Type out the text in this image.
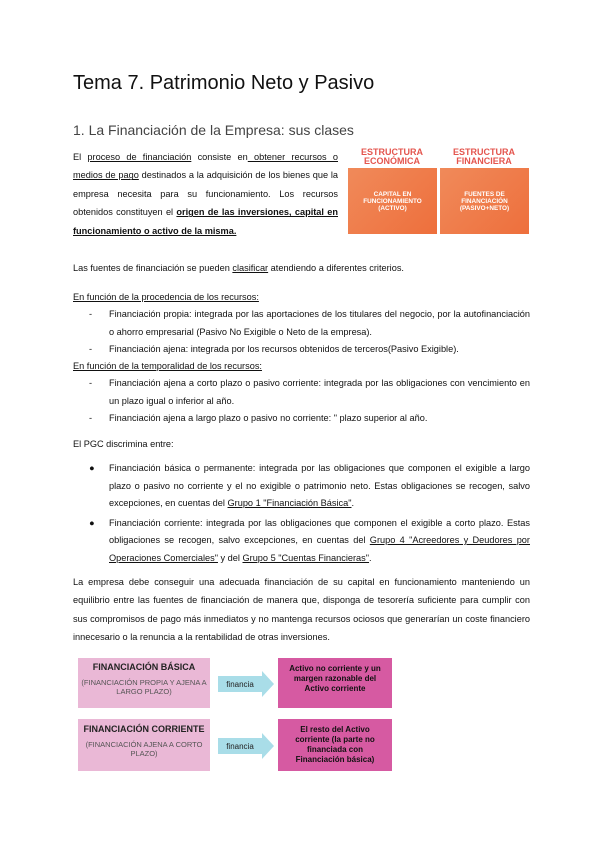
Tema 7. Patrimonio Neto y Pasivo
1. La Financiación de la Empresa: sus clases
El proceso de financiación consiste en obtener recursos o medios de pago destinados a la adquisición de los bienes que la empresa necesita para su funcionamiento. Los recursos obtenidos constituyen el origen de las inversiones, capital en funcionamiento o activo de la misma.
ESTRUCTURA ECONÓMICA
ESTRUCTURA FINANCIERA
CAPITAL EN FUNCIONAMIENTO (ACTIVO)
FUENTES DE FINANCIACIÓN (PASIVO+NETO)
Las fuentes de financiación se pueden clasificar atendiendo a diferentes criterios.
En función de la procedencia de los recursos:
- Financiación propia: integrada por las aportaciones de los titulares del negocio, por la autofinanciación o ahorro empresarial (Pasivo No Exigible o Neto de la empresa).
- Financiación ajena: integrada por los recursos obtenidos de terceros(Pasivo Exigible).
En función de la temporalidad de los recursos:
- Financiación ajena a corto plazo o pasivo corriente: integrada por las obligaciones con vencimiento en un plazo igual o inferior al año.
- Financiación ajena a largo plazo o pasivo no corriente: " plazo superior al año.
El PGC discrimina entre:
● Financiación básica o permanente: integrada por las obligaciones que componen el exigible a largo plazo o pasivo no corriente y el no exigible o patrimonio neto. Estas obligaciones se recogen, salvo excepciones, en cuentas del Grupo 1 "Financiación Básica".
● Financiación corriente: integrada por las obligaciones que componen el exigible a corto plazo. Estas obligaciones se recogen, salvo excepciones, en cuentas del Grupo 4 "Acreedores y Deudores por Operaciones Comerciales" y del Grupo 5 "Cuentas Financieras".
La empresa debe conseguir una adecuada financiación de su capital en funcionamiento manteniendo un equilibrio entre las fuentes de financiación de manera que, disponga de tesorería suficiente para cumplir con sus compromisos de pago más inmediatos y no mantenga recursos ociosos que generarían un coste financiero innecesario o la renuncia a la rentabilidad de otras inversiones.
FINANCIACIÓN BÁSICA
(FINANCIACIÓN PROPIA Y AJENA A LARGO PLAZO)
financia
Activo no corriente y un margen razonable del Activo corriente
FINANCIACIÓN CORRIENTE
(FINANCIACIÓN AJENA A CORTO PLAZO)
financia
El resto del Activo corriente (la parte no financiada con Financiación básica)
